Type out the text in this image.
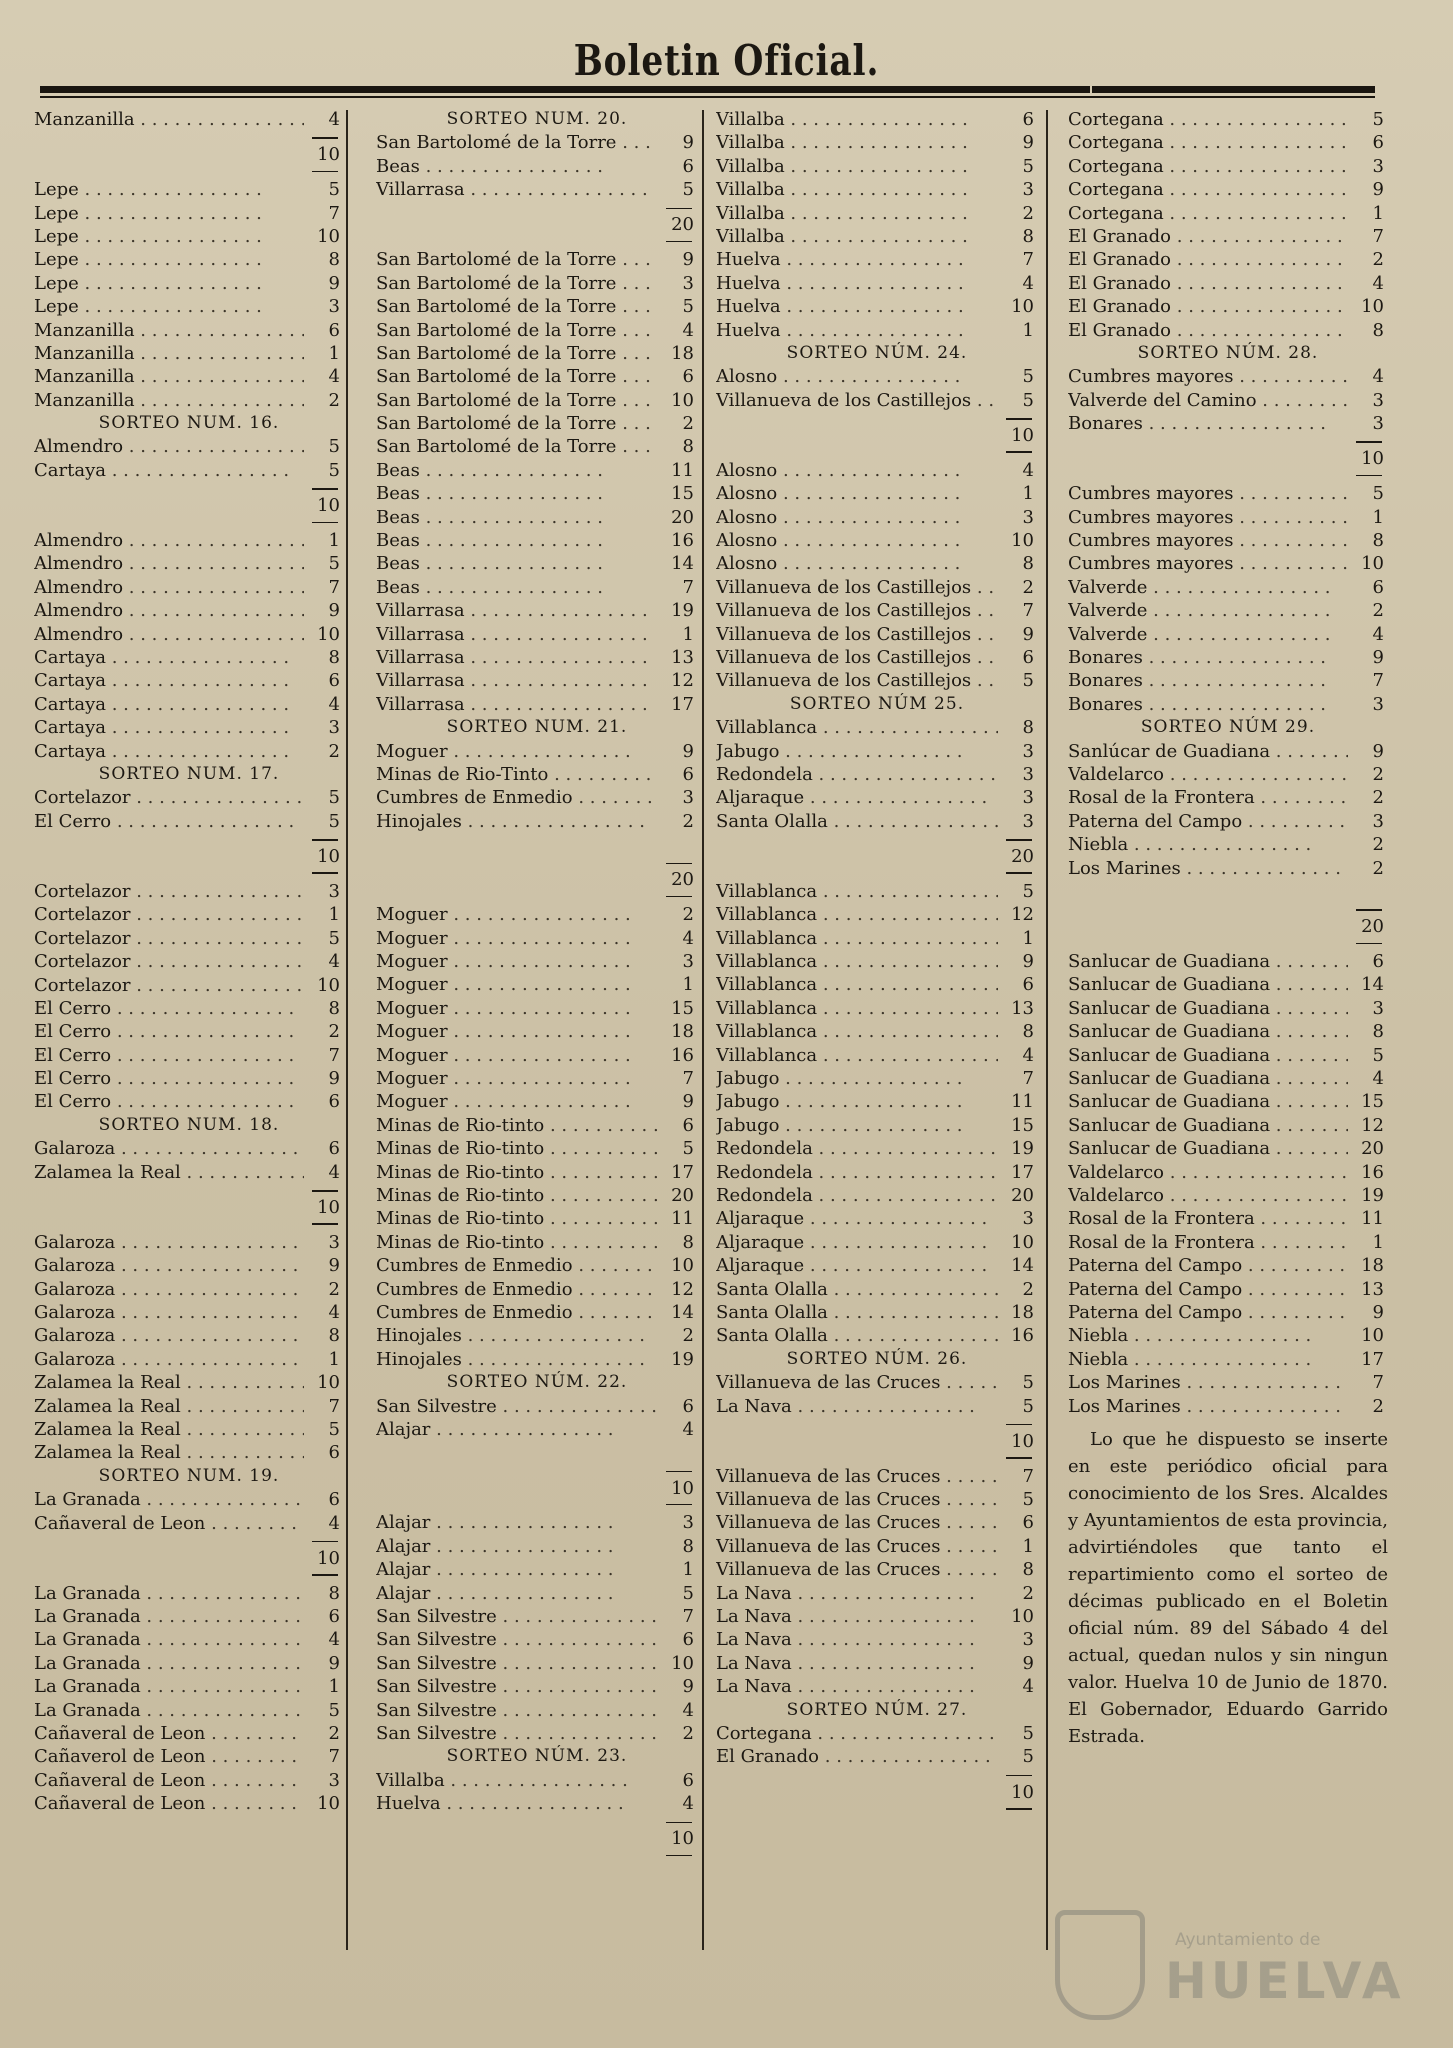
Boletin Oficial.
Manzanilla . .	4
10
Lepe . .	5
Lepe . .	7
Lepe . .	10
Lepe . .	8
Lepe . .	9
Lepe . .	3
Manzanilla . .	6
Manzanilla . .	1
Manzanilla . .	4
Manzanilla . .	2
SORTEO NUM. 16.
Almendro . .	5
Cartaya . .	5
10
Almendro . .	1
Almendro . .	5
Almendro . .	7
Almendro . .	9
Almendro . .	10
Cartaya . .	8
Cartaya . .	6
Cartaya . .	4
Cartaya . .	3
Cartaya . .	2
SORTEO NUM. 17.
Cortelazor . .	5
El Cerro . .	5
10
Cortelazor . .	3
Cortelazor . .	1
Cortelazor . .	5
Cortelazor . .	4
Cortelazor . .	10
El Cerro . .	8
El Cerro . .	2
El Cerro . .	7
El Cerro . .	9
El Cerro . .	6
SORTEO NUM. 18.
Galaroza . .	6
Zalamea la Real . .	4
10
Galaroza . .	3
Galaroza . .	9
Galaroza . .	2
Galaroza . .	4
Galaroza . .	8
Galaroza . .	1
Zalamea la Real . .	10
Zalamea la Real . .	7
Zalamea la Real . .	5
Zalamea la Real . .	6
SORTEO NUM. 19.
La Granada . .	6
Cañaveral de Leon . .	4
10
La Granada . .	8
La Granada . .	6
La Granada . .	4
La Granada . .	9
La Granada . .	1
La Granada . .	5
Cañaveral de Leon . .	2
Cañaverol de Leon . .	7
Cañaveral de Leon . .	3
Cañaveral de Leon . .	10
SORTEO NUM. 20.
San Bartolomé de la Torre . .	9
Beas . .	6
Villarrasa . .	5
20
San Bartolomé de la Torre . .	9
San Bartolomé de la Torre . .	3
San Bartolomé de la Torre . .	5
San Bartolomé de la Torre . .	4
San Bartolomé de la Torre . .	18
San Bartolomé de la Torre . .	6
San Bartolomé de la Torre . .	10
San Bartolomé de la Torre . .	2
San Bartolomé de la Torre . .	8
Beas . .	11
Beas . .	15
Beas . .	20
Beas . .	16
Beas . .	14
Beas . .	7
Villarrasa . .	19
Villarrasa . .	1
Villarrasa . .	13
Villarrasa . .	12
Villarrasa . .	17
SORTEO NUM. 21.
Moguer . .	9
Minas de Rio-Tinto . .	6
Cumbres de Enmedio . .	3
Hinojales . .	2
20
Moguer . .	2
Moguer . .	4
Moguer . .	3
Moguer . .	1
Moguer . .	15
Moguer . .	18
Moguer . .	16
Moguer . .	7
Moguer . .	9
Minas de Rio-tinto . .	6
Minas de Rio-tinto . .	5
Minas de Rio-tinto . .	17
Minas de Rio-tinto . .	20
Minas de Rio-tinto . .	11
Minas de Rio-tinto . .	8
Cumbres de Enmedio . .	10
Cumbres de Enmedio . .	12
Cumbres de Enmedio . .	14
Hinojales . .	2
Hinojales . .	19
SORTEO NÚM. 22.
San Silvestre . .	6
Alajar . .	4
10
Alajar . .	3
Alajar . .	8
Alajar . .	1
Alajar . .	5
San Silvestre . .	7
San Silvestre . .	6
San Silvestre . .	10
San Silvestre . .	9
San Silvestre . .	4
San Silvestre . .	2
SORTEO NÚM. 23.
Villalba . .	6
Huelva . .	4
10
Villalba . .	6
Villalba . .	9
Villalba . .	5
Villalba . .	3
Villalba . .	2
Villalba . .	8
Huelva . .	7
Huelva . .	4
Huelva . .	10
Huelva . .	1
SORTEO NÚM. 24.
Alosno . .	5
Villanueva de los Castillejos . .	5
10
Alosno . .	4
Alosno . .	1
Alosno . .	3
Alosno . .	10
Alosno . .	8
Villanueva de los Castillejos . .	2
Villanueva de los Castillejos . .	7
Villanueva de los Castillejos . .	9
Villanueva de los Castillejos . .	6
Villanueva de los Castillejos . .	5
SORTEO NÚM 25.
Villablanca . .	8
Jabugo . .	3
Redondela . .	3
Aljaraque . .	3
Santa Olalla . .	3
20
Villablanca . .	5
Villablanca . .	12
Villablanca . .	1
Villablanca . .	9
Villablanca . .	6
Villablanca . .	13
Villablanca . .	8
Villablanca . .	4
Jabugo . .	7
Jabugo . .	11
Jabugo . .	15
Redondela . .	19
Redondela . .	17
Redondela . .	20
Aljaraque . .	3
Aljaraque . .	10
Aljaraque . .	14
Santa Olalla . .	2
Santa Olalla . .	18
Santa Olalla . .	16
SORTEO NÚM. 26.
Villanueva de las Cruces . .	5
La Nava . .	5
10
Villanueva de las Cruces . .	7
Villanueva de las Cruces . .	5
Villanueva de las Cruces . .	6
Villanueva de las Cruces . .	1
Villanueva de las Cruces . .	8
La Nava . .	2
La Nava . .	10
La Nava . .	3
La Nava . .	9
La Nava . .	4
SORTEO NÚM. 27.
Cortegana . .	5
El Granado . .	5
10
Cortegana . .	5
Cortegana . .	6
Cortegana . .	3
Cortegana . .	9
Cortegana . .	1
El Granado . .	7
El Granado . .	2
El Granado . .	4
El Granado . .	10
El Granado . .	8
SORTEO NÚM. 28.
Cumbres mayores . .	4
Valverde del Camino . .	3
Bonares . .	3
10
Cumbres mayores . .	5
Cumbres mayores . .	1
Cumbres mayores . .	8
Cumbres mayores . .	10
Valverde . .	6
Valverde . .	2
Valverde . .	4
Bonares . .	9
Bonares . .	7
Bonares . .	3
SORTEO NÚM 29.
Sanlúcar de Guadiana . .	9
Valdelarco . .	2
Rosal de la Frontera . .	2
Paterna del Campo . .	3
Niebla . .	2
Los Marines . .	2
20
Sanlucar de Guadiana . .	6
Sanlucar de Guadiana . .	14
Sanlucar de Guadiana . .	3
Sanlucar de Guadiana . .	8
Sanlucar de Guadiana . .	5
Sanlucar de Guadiana . .	4
Sanlucar de Guadiana . .	15
Sanlucar de Guadiana . .	12
Sanlucar de Guadiana . .	20
Valdelarco . .	16
Valdelarco . .	19
Rosal de la Frontera . .	11
Rosal de la Frontera . .	1
Paterna del Campo . .	18
Paterna del Campo . .	13
Paterna del Campo . .	9
Niebla . .	10
Niebla . .	17
Los Marines . .	7
Los Marines . .	2
Lo que he dispuesto se inserte en este periódico oficial para conocimiento de los Sres. Alcaldes y Ayuntamientos de esta provincia, advirtiéndoles que tanto el repartimiento como el sorteo de décimas publicado en el Boletin oficial núm. 89 del Sábado 4 del actual, quedan nulos y sin ningun valor. Huelva 10 de Junio de 1870. El Gobernador, Eduardo Garrido Estrada.
Ayuntamiento de
HUELVA
